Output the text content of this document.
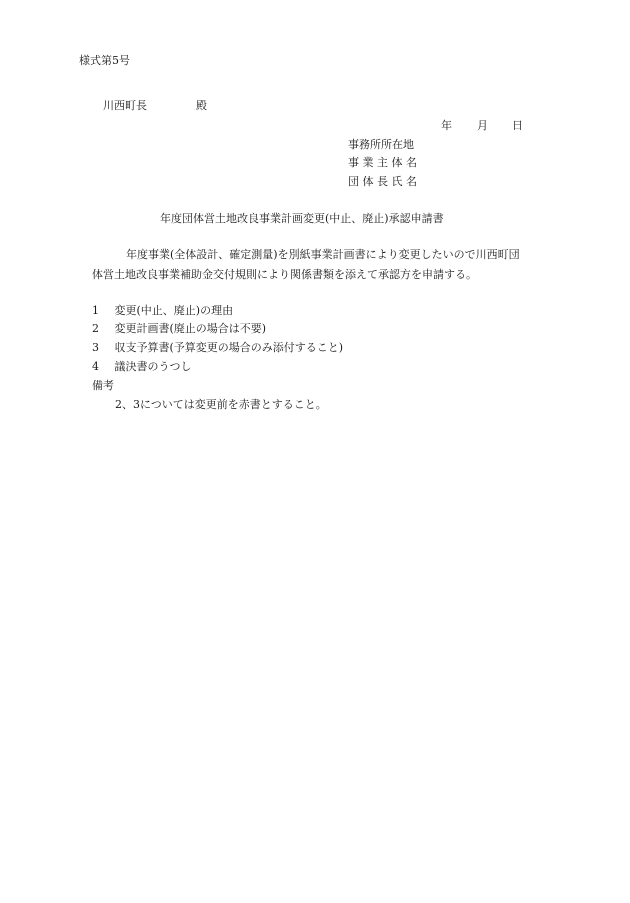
様式第5号
川西町長	殿
年 月 日
事務所所在地
事 業 主 体 名
団 体 長 氏 名
年度団体営土地改良事業計画変更(中止、廃止)承認申請書
年度事業(全体設計、確定測量)を別紙事業計画書により変更したいので川西町団
体営土地改良事業補助金交付規則により関係書類を添えて承認方を申請する。
1 変更(中止、廃止)の理由
2 変更計画書(廃止の場合は不要)
3 収支予算書(予算変更の場合のみ添付すること)
4 議決書のうつし
備考
2、3については変更前を赤書とすること。
